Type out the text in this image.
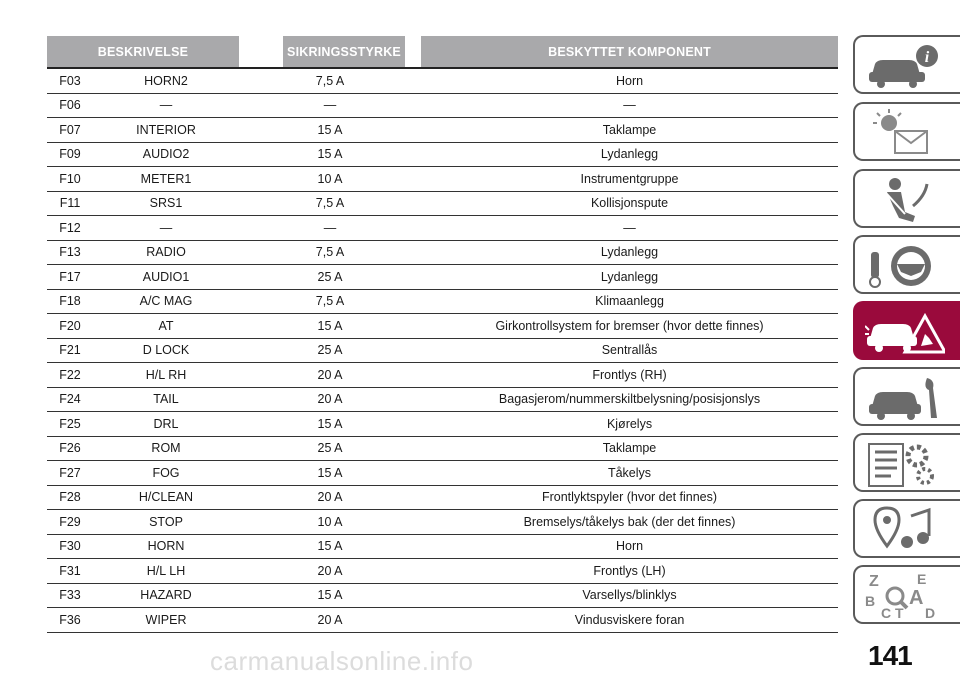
BESKRIVELSE			SIKRINGSSTYRKE		BESKYTTET KOMPONENT
F03	HORN2	7,5 A			Horn
F06	—	—			—
F07	INTERIOR	15 A			Taklampe
F09	AUDIO2	15 A			Lydanlegg
F10	METER1	10 A			Instrumentgruppe
F11	SRS1	7,5 A			Kollisjonspute
F12	—	—			—
F13	RADIO	7,5 A			Lydanlegg
F17	AUDIO1	25 A			Lydanlegg
F18	A/C MAG	7,5 A			Klimaanlegg
F20	AT	15 A			Girkontrollsystem for bremser (hvor dette finnes)
F21	D LOCK	25 A			Sentrallås
F22	H/L RH	20 A			Frontlys (RH)
F24	TAIL	20 A			Bagasjerom/nummerskiltbelysning/posisjonslys
F25	DRL	15 A			Kjørelys
F26	ROM	25 A			Taklampe
F27	FOG	15 A			Tåkelys
F28	H/CLEAN	20 A			Frontlyktspyler (hvor det finnes)
F29	STOP	10 A			Bremselys/tåkelys bak (der det finnes)
F30	HORN	15 A			Horn
F31	H/L LH	20 A			Frontlys (LH)
F33	HAZARD	15 A			Varsellys/blinklys
F36	WIPER	20 A			Vindusviskere foran
i
Z	E
B A
C T D
141
carmanualsonline.info
